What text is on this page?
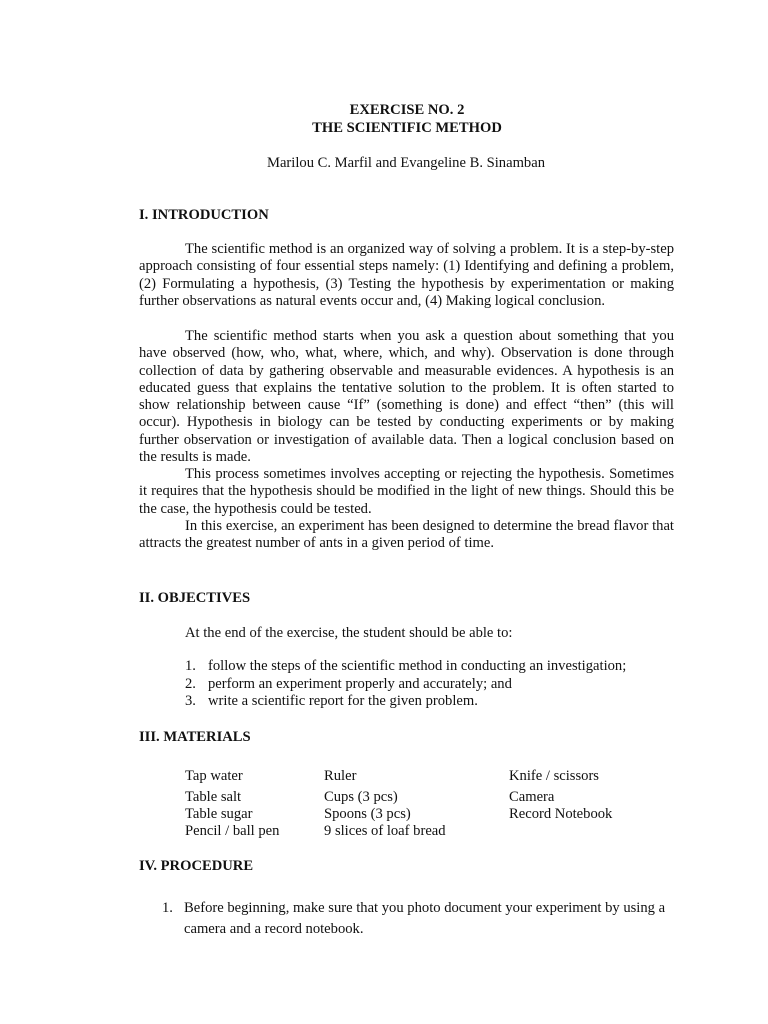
EXERCISE NO. 2
THE SCIENTIFIC METHOD
Marilou C. Marfil and Evangeline B. Sinamban
I. INTRODUCTION

The scientific method is an organized way of solving a problem. It is a step-by-step approach consisting of four essential steps namely: (1) Identifying and defining a problem, (2) Formulating a hypothesis, (3) Testing the hypothesis by experimentation or making further observations as natural events occur and, (4) Making logical conclusion.

The scientific method starts when you ask a question about something that you have observed (how, who, what, where, which, and why). Observation is done through collection of data by gathering observable and measurable evidences. A hypothesis is an educated guess that explains the tentative solution to the problem. It is often started to show relationship between cause “If” (something is done) and effect “then” (this will occur). Hypothesis in biology can be tested by conducting experiments or by making further observation or investigation of available data. Then a logical conclusion based on the results is made.

This process sometimes involves accepting or rejecting the hypothesis. Sometimes it requires that the hypothesis should be modified in the light of new things. Should this be the case, the hypothesis could be tested.

In this exercise, an experiment has been designed to determine the bread flavor that attracts the greatest number of ants in a given period of time.

II. OBJECTIVES
At the end of the exercise, the student should be able to:
1. follow the steps of the scientific method in conducting an investigation;
2. perform an experiment properly and accurately; and
3. write a scientific report for the given problem.
III. MATERIALS
Tap water	Ruler	Knife / scissors
Table salt	Cups (3 pcs)	Camera
Table sugar	Spoons (3 pcs)	Record Notebook
Pencil / ball pen	9 slices of loaf bread
IV. PROCEDURE
1. Before beginning, make sure that you photo document your experiment by using a camera and a record notebook.
